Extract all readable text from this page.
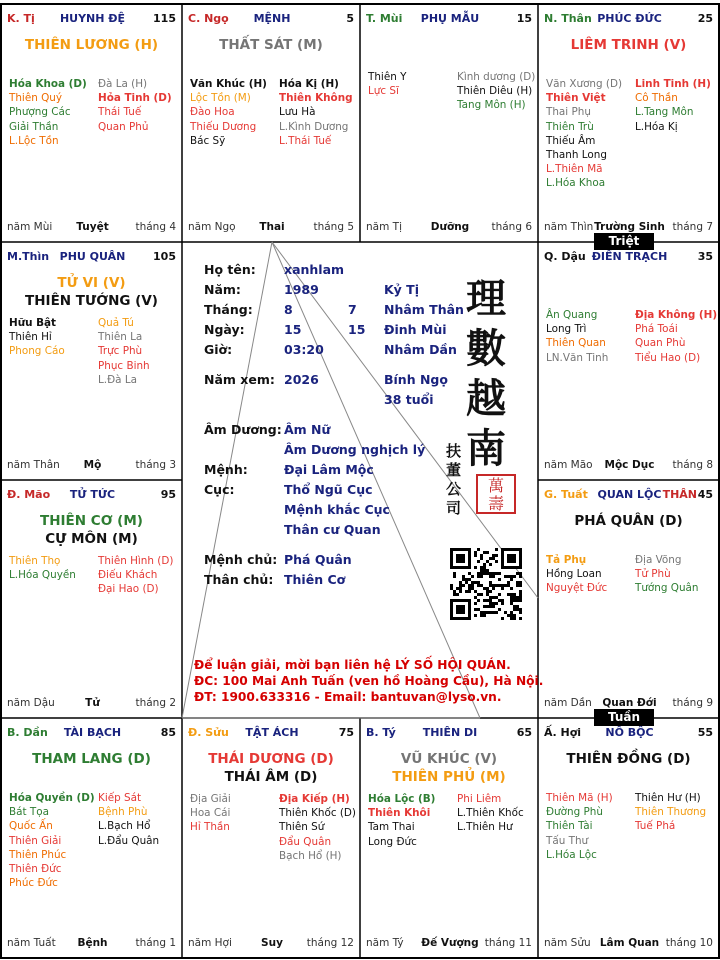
HUYNH ĐỆ
K. Tị	115
THIÊN LƯƠNG (H)
Hóa Khoa (D)
Thiên Quý
Phượng Các
Giải Thần
L.Lộc Tồn
Đà La (H)
Hỏa Tinh (D)
Thái Tuế
Quan Phủ
Tuyệt
năm Mùi	tháng 4
MỆNH
C. Ngọ	5
THẤT SÁT (M)
Văn Khúc (H)
Lộc Tồn (M)
Đào Hoa
Thiếu Dương
Bác Sỹ
Hóa Kị (H)
Thiên Không
Lưu Hà
L.Kình Dương
L.Thái Tuế
Thai
năm Ngọ	tháng 5
PHỤ MẪU
T. Mùi	15
Thiên Y
Lực Sĩ
Kình dương (D)
Thiên Diêu (H)
Tang Môn (H)
Dưỡng
năm Tị	tháng 6
PHÚC ĐỨC
N. Thân	25
LIÊM TRINH (V)
Văn Xương (D)
Thiên Việt
Thai Phụ
Thiên Trù
Thiếu Âm
Thanh Long
L.Thiên Mã
L.Hóa Khoa
Linh Tinh (H)
Cô Thần
L.Tang Môn
L.Hóa Kị
Trường Sinh
năm Thìn	tháng 7
PHU QUÂN
M.Thìn	105
TỬ VI (V)
THIÊN TƯỚNG (V)
Hữu Bật
Thiên Hỉ
Phong Cáo
Quả Tú
Thiên La
Trực Phù
Phục Binh
L.Đà La
Mộ
năm Thân	tháng 3
ĐIỀN TRẠCH
Q. Dậu	35
Ân Quang
Long Trì
Thiên Quan
LN.Văn Tinh
Địa Không (H)
Phá Toái
Quan Phù
Tiểu Hao (D)
Mộc Dục
năm Mão	tháng 8
TỬ TỨC
Đ. Mão	95
THIÊN CƠ (M)
CỰ MÔN (M)
Thiên Thọ
L.Hóa Quyền
Thiên Hình (D)
Điếu Khách
Đại Hao (D)
Tử
năm Dậu	tháng 2
QUAN LỘC
G. Tuất	THÂN 45
PHÁ QUÂN (D)
Tả Phụ
Hồng Loan
Nguyệt Đức
Địa Võng
Tử Phù
Tướng Quân
Quan Đới
năm Dần	tháng 9
TÀI BẠCH
B. Dần	85
THAM LANG (D)
Hóa Quyền (D)
Bát Tọa
Quốc Ấn
Thiên Giải
Thiên Phúc
Thiên Đức
Phúc Đức
Kiếp Sát
Bệnh Phù
L.Bạch Hổ
L.Đẩu Quân
Bệnh
năm Tuất	tháng 1
TẬT ÁCH
Đ. Sửu	75
THÁI DƯƠNG (D)
THÁI ÂM (D)
Địa Giải
Hoa Cái
Hỉ Thần
Địa Kiếp (H)
Thiên Khốc (D)
Thiên Sứ
Đẩu Quân
Bạch Hổ (H)
Suy
năm Hợi	tháng 12
THIÊN DI
B. Tý	65
VŨ KHÚC (V)
THIÊN PHỦ (M)
Hóa Lộc (B)
Thiên Khôi
Tam Thai
Long Đức
Phi Liêm
L.Thiên Khốc
L.Thiên Hư
Đế Vượng
năm Tý	tháng 11
NÔ BỘC
Ấ. Hợi	55
THIÊN ĐỒNG (D)
Thiên Mã (H)
Đường Phù
Thiên Tài
Tấu Thư
L.Hóa Lộc
Thiên Hư (H)
Thiên Thương
Tuế Phá
Lâm Quan
năm Sửu	tháng 10
Triệt
Tuần
Họ tên: xanhlam
Năm:	1989	Kỷ Tị
Tháng:	8	7 Nhâm Thân
Ngày:	15	15 Đinh Mùi
Giờ:	03:20	Nhâm Dần
Năm xem: 2026	Bính Ngọ
38 tuổi
Âm Dương: Âm Nữ
Âm Dương nghịch lý
Mệnh:	Đại Lâm Mộc
Cục:	Thổ Ngũ Cục
Mệnh khắc Cục
Thân cư Quan
Mệnh chủ: Phá Quân
Thân chủ: Thiên Cơ
理
數
越
南
扶
董
公
司
萬
壽
Để luận giải, mời bạn liên hệ LÝ SỐ HỘI QUÁN.
ĐC: 100 Mai Anh Tuấn (ven hồ Hoàng Cầu), Hà Nội.
ĐT: 1900.633316 - Email: bantuvan@lyso.vn.
